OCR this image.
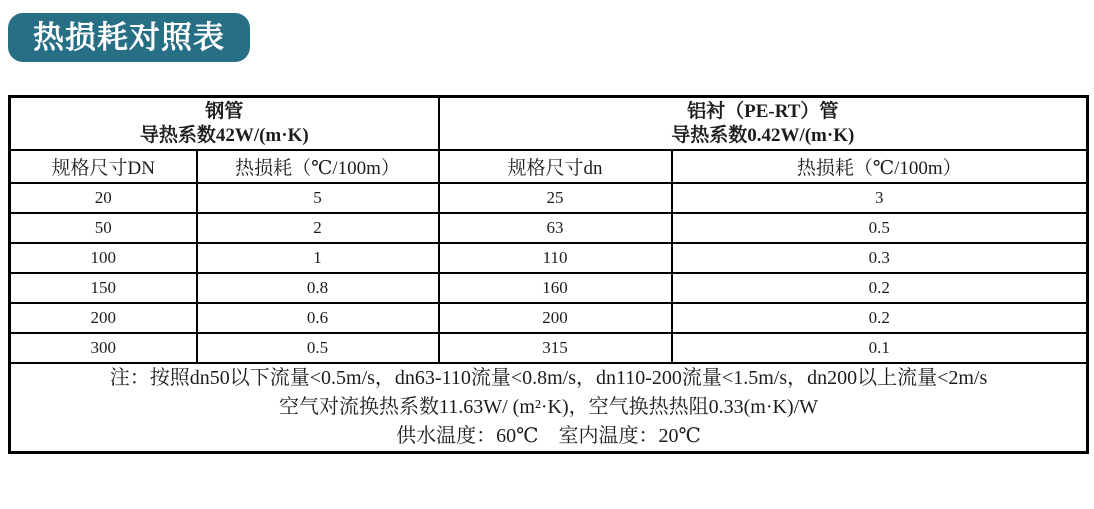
热损耗对照表
钢管
导热系数42W/(m·K)

铝衬（PE-RT）管
导热系数0.42W/(m·K)

规格尺寸DN	热损耗（℃/100m）	规格尺寸dn	热损耗（℃/100m）
20	5	25	3
50	2	63	0.5
100	1	110	0.3
150	0.8	160	0.2
200	0.6	200	0.2
300	0.5	315	0.1

注：按照dn50以下流量<0.5m/s，dn63-110流量<0.8m/s，dn110-200流量<1.5m/s，dn200以上流量<2m/s

空气对流换热系数11.63W/ (m²·K)，空气换热热阻0.33(m·K)/W

供水温度：60℃　室内温度：20℃			
